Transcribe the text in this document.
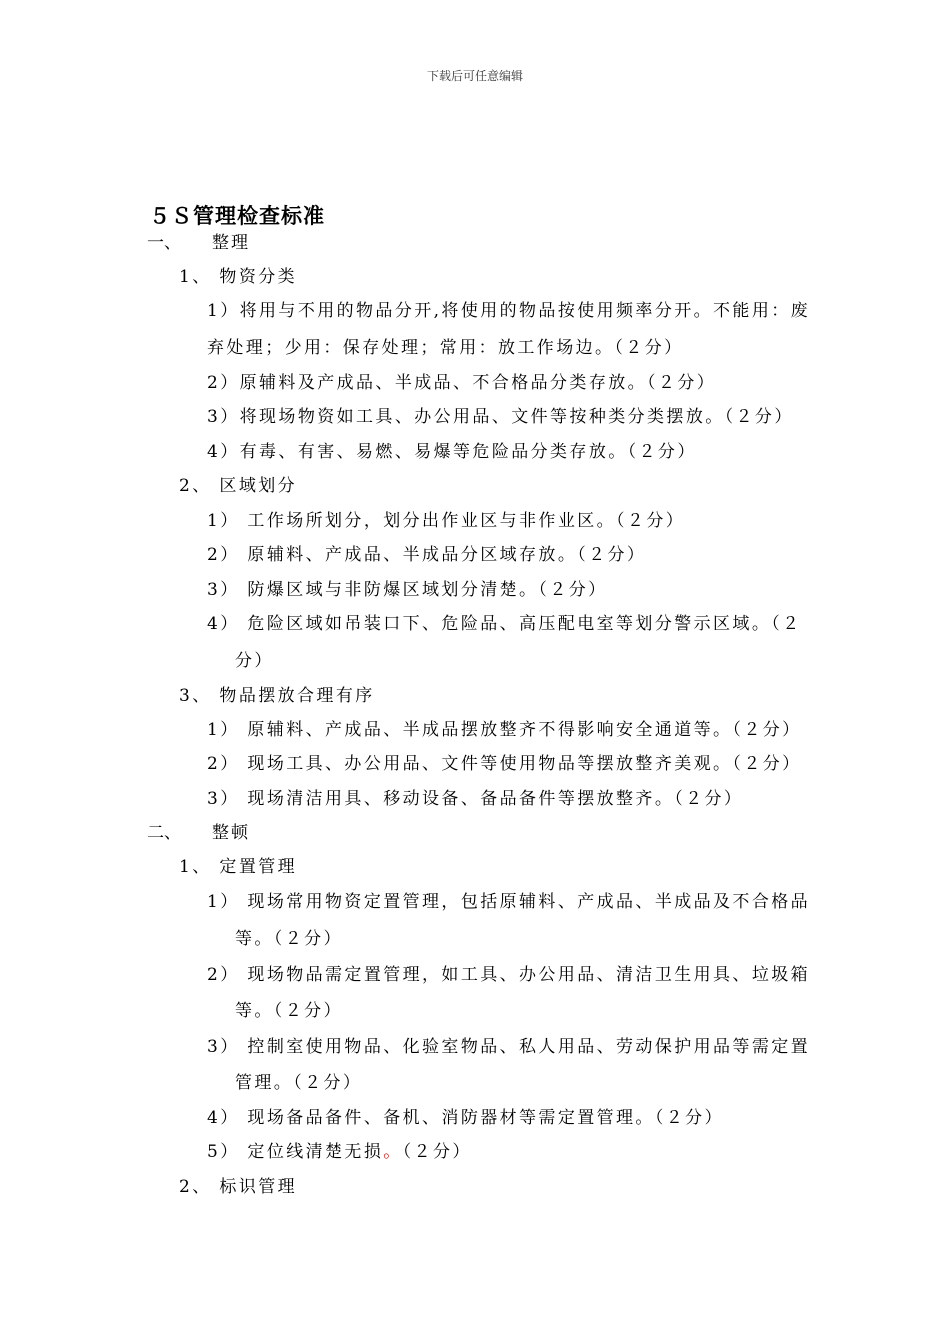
下载后可任意编辑
５Ｓ管理检查标准
一、 整理
1、 物资分类
1）将用与不用的物品分开,将使用的物品按使用频率分开。不能用：废
弃处理；少用：保存处理；常用：放工作场边。（２分）
2）原辅料及产成品、半成品、不合格品分类存放。（２分）
3）将现场物资如工具、办公用品、文件等按种类分类摆放。（２分）
4）有毒、有害、易燃、易爆等危险品分类存放。（２分）
2、 区域划分
1） 工作场所划分，划分出作业区与非作业区。（２分）
2） 原辅料、产成品、半成品分区域存放。（２分）
3） 防爆区域与非防爆区域划分清楚。（２分）
4） 危险区域如吊装口下、危险品、高压配电室等划分警示区域。（２
分）
3、 物品摆放合理有序
1） 原辅料、产成品、半成品摆放整齐不得影响安全通道等。（２分）
2） 现场工具、办公用品、文件等使用物品等摆放整齐美观。（２分）
3） 现场清洁用具、移动设备、备品备件等摆放整齐。（２分）
二、 整顿
1、 定置管理
1） 现场常用物资定置管理，包括原辅料、产成品、半成品及不合格品
等。（２分）
2） 现场物品需定置管理，如工具、办公用品、清洁卫生用具、垃圾箱
等。（２分）
3） 控制室使用物品、化验室物品、私人用品、劳动保护用品等需定置
管理。（２分）
4） 现场备品备件、备机、消防器材等需定置管理。（２分）
5） 定位线清楚无损。（２分）
2、 标识管理
